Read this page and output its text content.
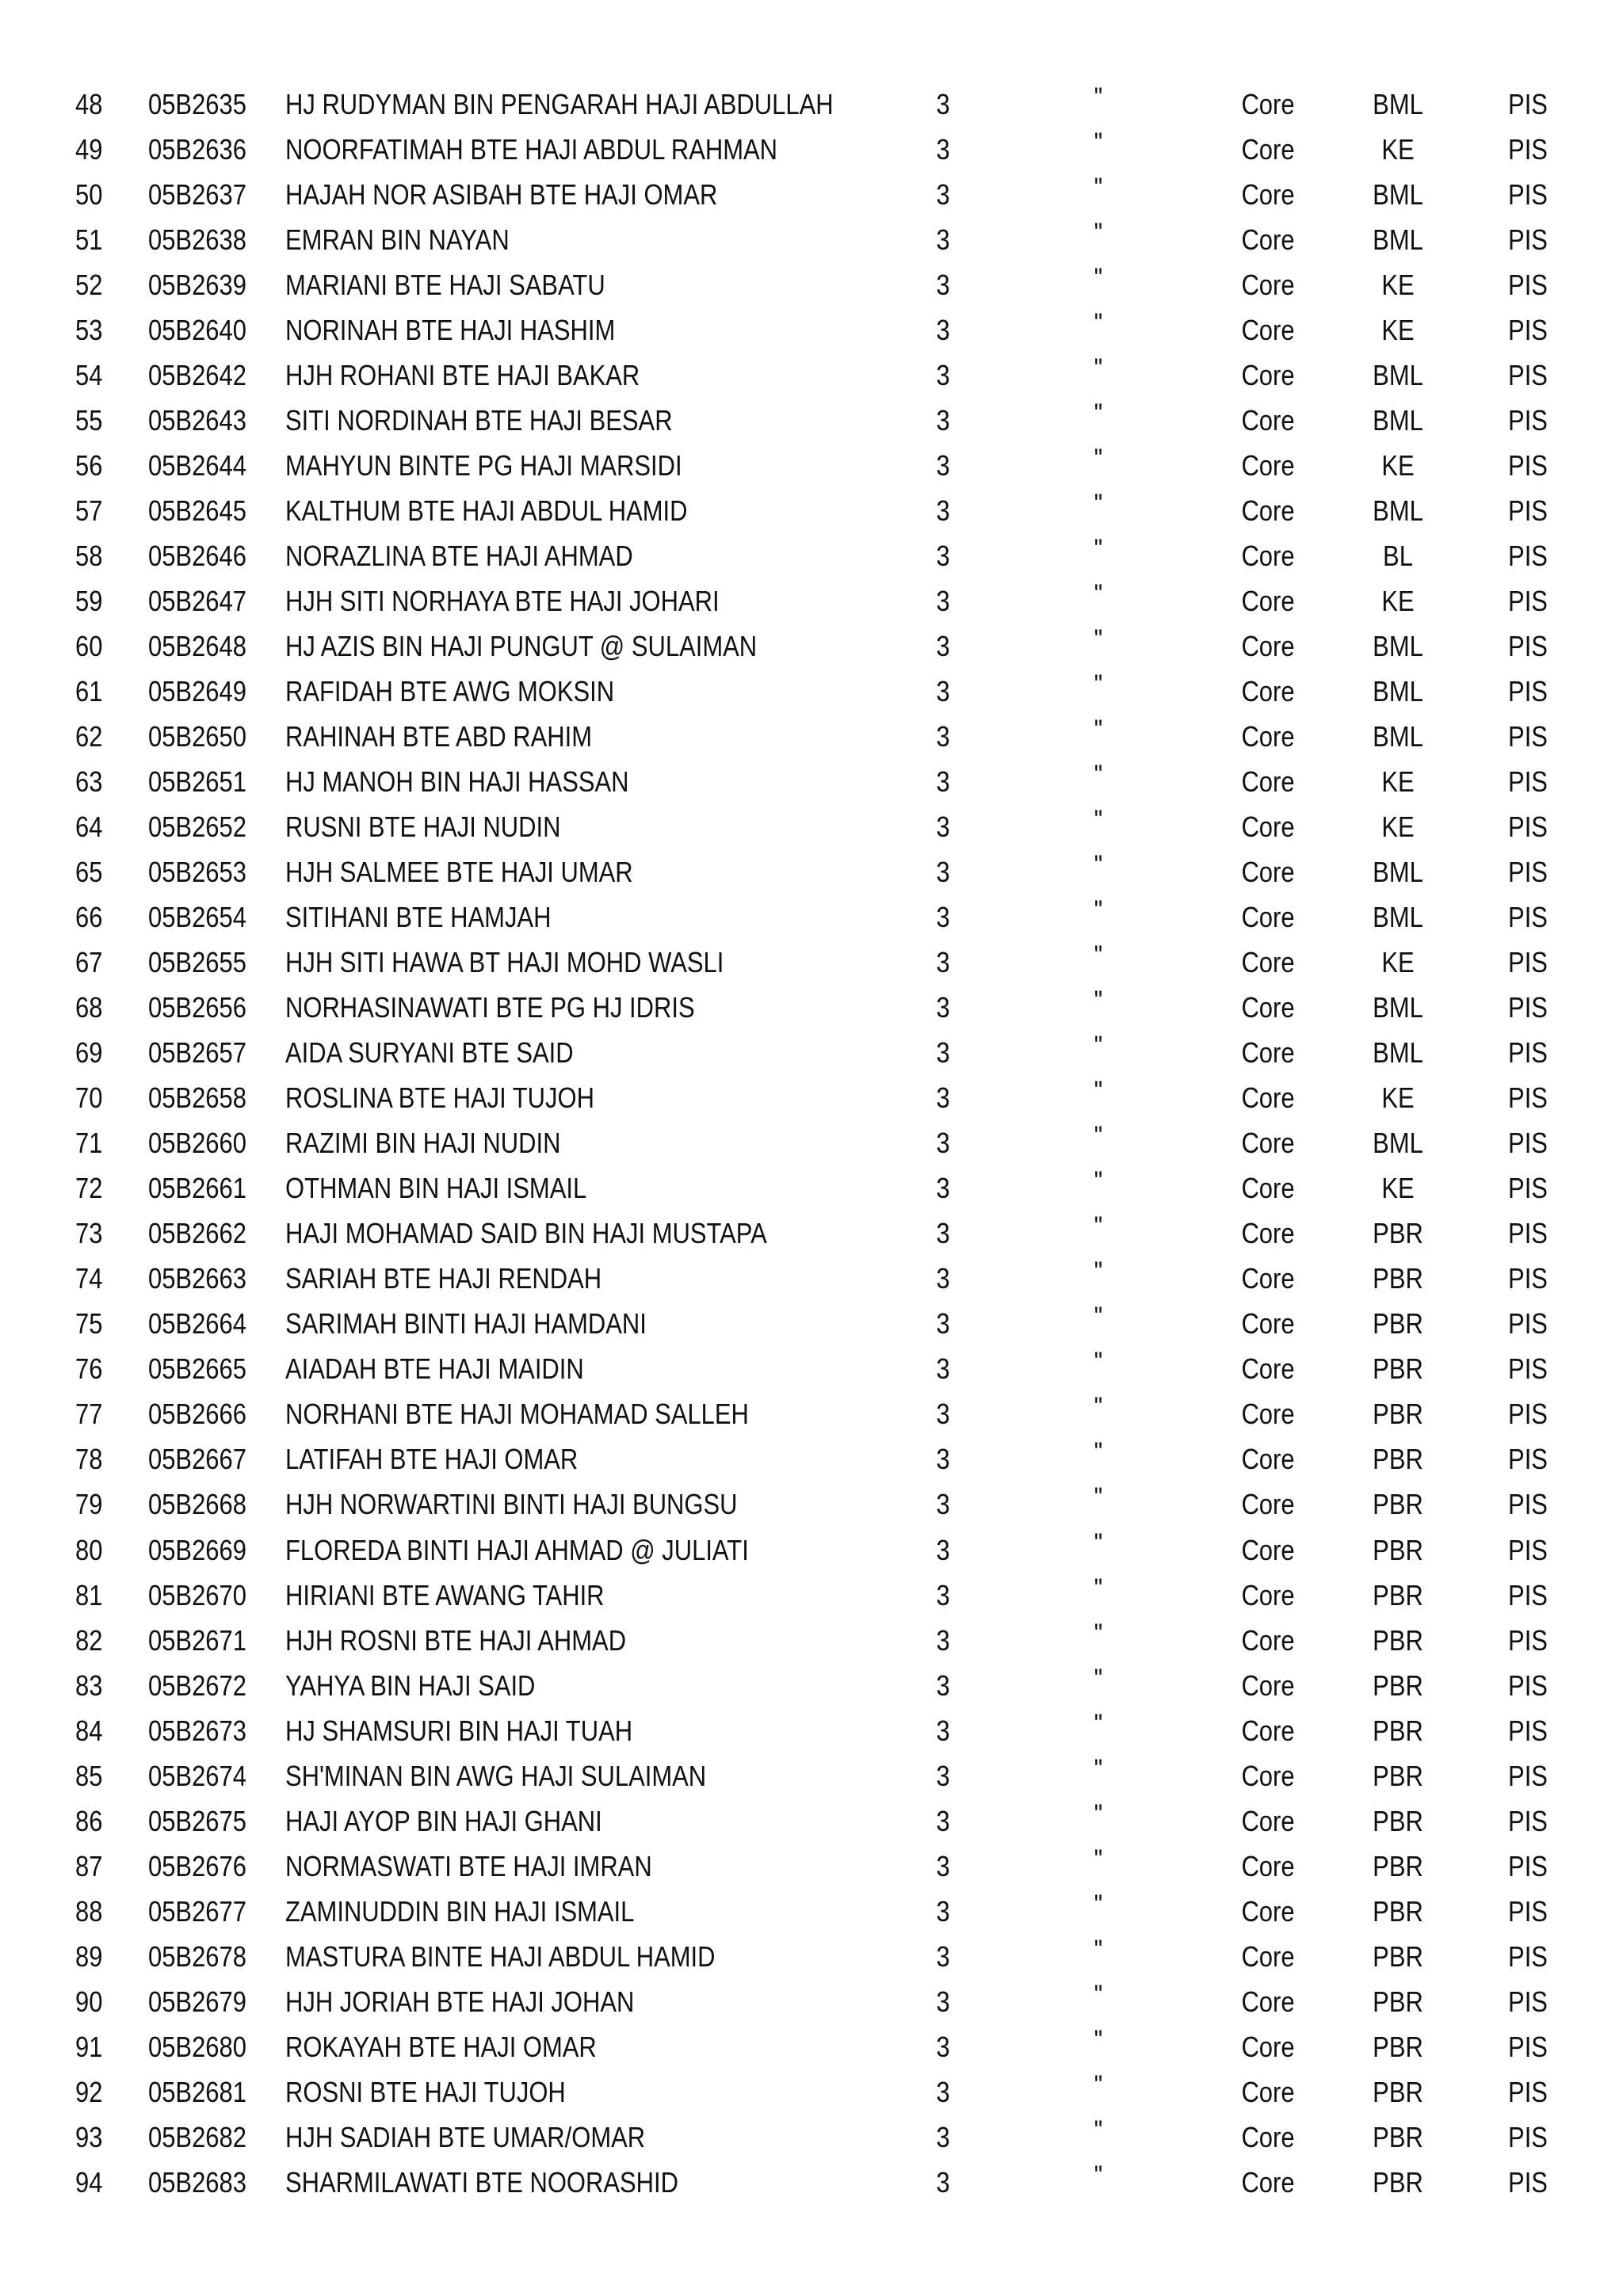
48 05B2635 HJ RUDYMAN BIN PENGARAH HAJI ABDULLAH	3	"	Core	BML	PIS
49 05B2636 NOORFATIMAH BTE HAJI ABDUL RAHMAN	3	"	Core	KE	PIS
50 05B2637 HAJAH NOR ASIBAH BTE HAJI OMAR	3	"	Core	BML	PIS
51 05B2638 EMRAN BIN NAYAN	3	"	Core	BML	PIS
52 05B2639 MARIANI BTE HAJI SABATU	3	"	Core	KE	PIS
53 05B2640 NORINAH BTE HAJI HASHIM	3	"	Core	KE	PIS
54 05B2642 HJH ROHANI BTE HAJI BAKAR	3	"	Core	BML	PIS
55 05B2643 SITI NORDINAH BTE HAJI BESAR	3	"	Core	BML	PIS
56 05B2644 MAHYUN BINTE PG HAJI MARSIDI	3	"	Core	KE	PIS
57 05B2645 KALTHUM BTE HAJI ABDUL HAMID	3	"	Core	BML	PIS
58 05B2646 NORAZLINA BTE HAJI AHMAD	3	"	Core	BL	PIS
59 05B2647 HJH SITI NORHAYA BTE HAJI JOHARI	3	"	Core	KE	PIS
60 05B2648 HJ AZIS BIN HAJI PUNGUT @ SULAIMAN	3	"	Core	BML	PIS
61 05B2649 RAFIDAH BTE AWG MOKSIN	3	"	Core	BML	PIS
62 05B2650 RAHINAH BTE ABD RAHIM	3	"	Core	BML	PIS
63 05B2651 HJ MANOH BIN HAJI HASSAN	3	"	Core	KE	PIS
64 05B2652 RUSNI BTE HAJI NUDIN	3	"	Core	KE	PIS
65 05B2653 HJH SALMEE BTE HAJI UMAR	3	"	Core	BML	PIS
66 05B2654 SITIHANI BTE HAMJAH	3	"	Core	BML	PIS
67 05B2655 HJH SITI HAWA BT HAJI MOHD WASLI	3	"	Core	KE	PIS
68 05B2656 NORHASINAWATI BTE PG HJ IDRIS	3	"	Core	BML	PIS
69 05B2657 AIDA SURYANI BTE SAID	3	"	Core	BML	PIS
70 05B2658 ROSLINA BTE HAJI TUJOH	3	"	Core	KE	PIS
71 05B2660 RAZIMI BIN HAJI NUDIN	3	"	Core	BML	PIS
72 05B2661 OTHMAN BIN HAJI ISMAIL	3	"	Core	KE	PIS
73 05B2662 HAJI MOHAMAD SAID BIN HAJI MUSTAPA	3	"	Core	PBR	PIS
74 05B2663 SARIAH BTE HAJI RENDAH	3	"	Core	PBR	PIS
75 05B2664 SARIMAH BINTI HAJI HAMDANI	3	"	Core	PBR	PIS
76 05B2665 AIADAH BTE HAJI MAIDIN	3	"	Core	PBR	PIS
77 05B2666 NORHANI BTE HAJI MOHAMAD SALLEH	3	"	Core	PBR	PIS
78 05B2667 LATIFAH BTE HAJI OMAR	3	"	Core	PBR	PIS
79 05B2668 HJH NORWARTINI BINTI HAJI BUNGSU	3	"	Core	PBR	PIS
80 05B2669 FLOREDA BINTI HAJI AHMAD @ JULIATI	3	"	Core	PBR	PIS
81 05B2670 HIRIANI BTE AWANG TAHIR	3	"	Core	PBR	PIS
82 05B2671 HJH ROSNI BTE HAJI AHMAD	3	"	Core	PBR	PIS
83 05B2672 YAHYA BIN HAJI SAID	3	"	Core	PBR	PIS
84 05B2673 HJ SHAMSURI BIN HAJI TUAH	3	"	Core	PBR	PIS
85 05B2674 SH'MINAN BIN AWG HAJI SULAIMAN	3	"	Core	PBR	PIS
86 05B2675 HAJI AYOP BIN HAJI GHANI	3	"	Core	PBR	PIS
87 05B2676 NORMASWATI BTE HAJI IMRAN	3	"	Core	PBR	PIS
88 05B2677 ZAMINUDDIN BIN HAJI ISMAIL	3	"	Core	PBR	PIS
89 05B2678 MASTURA BINTE HAJI ABDUL HAMID	3	"	Core	PBR	PIS
90 05B2679 HJH JORIAH BTE HAJI JOHAN	3	"	Core	PBR	PIS
91 05B2680 ROKAYAH BTE HAJI OMAR	3	"	Core	PBR	PIS
92 05B2681 ROSNI BTE HAJI TUJOH	3	"	Core	PBR	PIS
93 05B2682 HJH SADIAH BTE UMAR/OMAR	3	"	Core	PBR	PIS
94 05B2683 SHARMILAWATI BTE NOORASHID	3	"	Core	PBR	PIS
